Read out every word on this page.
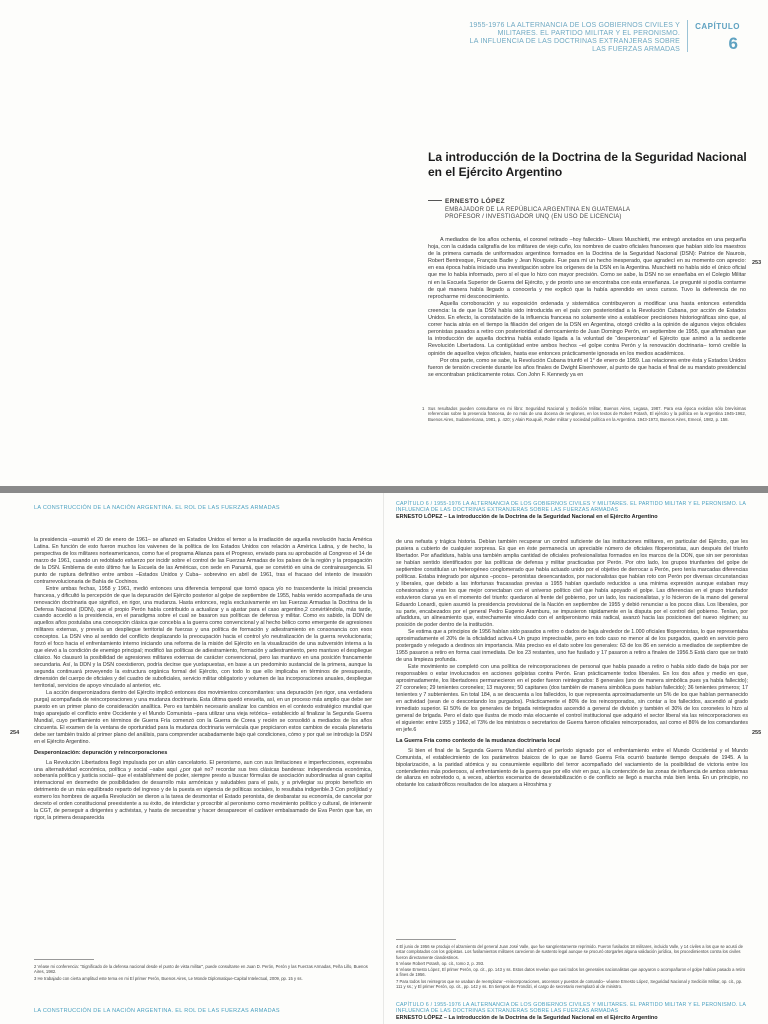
1955-1976 LA ALTERNANCIA DE LOS GOBIERNOS CIVILES Y
MILITARES. EL PARTIDO MILITAR Y EL PERONISMO.
LA INFLUENCIA DE LAS DOCTRINAS EXTRANJERAS SOBRE
LAS FUERZAS ARMADAS
CAPÍTULO
6
La introducción de la Doctrina de la Seguridad Nacional en el Ejército Argentino
ERNESTO LÓPEZ
EMBAJADOR DE LA REPÚBLICA ARGENTINA EN GUATEMALA
PROFESOR / INVESTIGADOR UNQ (EN USO DE LICENCIA)

A mediados de los años ochenta, el coronel retirado –hoy fallecido– Ulises Muschietti, me entregó anotados en una pequeña hoja, con la cuidada caligrafía de los militares de viejo cuño, los nombres de cuatro oficiales franceses que habían sido los maestros de la primera camada de uniformados argentinos formados en la Doctrina de la Seguridad Nacional (DSN): Patrice de Naurois, Robert Bentresque, François Badie y Jean Nougués. Fue para mí un hecho inesperado, que agradecí en su momento con aprecio: en esa época había iniciado una investigación sobre los orígenes de la DSN en la Argentina. Muschietti no había sido el único oficial que me lo había informado, pero sí el que lo hizo con mayor precisión. Como se sabe, la DSN no se enseñaba en el Colegio Militar ni en la Escuela Superior de Guerra del Ejército, y de pronto uno se encontraba con esta enseñanza. Le pregunté si podía contarme de qué manera había llegado a conocerla y me explicó que la había aprendido en unos cursos. Tuvo la deferencia de no reprocharme mi desconocimiento.

Aquella corroboración y su exposición ordenada y sistemática contribuyeron a modificar una hasta entonces extendida creencia: la de que la DSN había sido introducida en el país con posterioridad a la Revolución Cubana, por acción de Estados Unidos. En efecto, la constatación de la influencia francesa no solamente vino a establecer precisiones historiográficas sino que, al correr hacia atrás en el tiempo la filiación del origen de la DSN en Argentina, otorgó crédito a la opinión de algunos viejos oficiales peronistas pasados a retiro con posterioridad al derrocamiento de Juan Domingo Perón, en septiembre de 1955, que afirmaban que la introducción de aquella doctrina había estado ligada a la voluntad de “desperonizar” el Ejército que animó a la sedicente Revolución Libertadora. La contigüidad entre ambos hechos –el golpe contra Perón y la renovación doctrinaria– tornó creíble la opinión de aquellos viejos oficiales, hasta ese entonces prácticamente ignorada en los medios académicos.

Por otra parte, como se sabe, la Revolución Cubana triunfó el 1° de enero de 1959. Las relaciones entre ésta y Estados Unidos fueron de tensión creciente durante los años finales de Dwight Eisenhower, al punto de que hacia el final de su mandato presidencial se encontraban prácticamente rotas. Con John F. Kennedy ya en

253
1 Sus resultados pueden consultarse en mi libro: Seguridad Nacional y Sedición Militar, Buenos Aires, Legasa, 1987. Para esa época existían sólo brevísimas referencias sobre la presencia francesa, de no más de una docena de renglones, en los textos de Robert Potash, El ejército y la política en la Argentina 1945-1962, Buenos Aires, Sudamericana, 1981, p. 420; y Alain Rouquié, Poder militar y sociedad política en la Argentina. 1943-1973, Buenos Aires, Emecé, 1982, p. 158.
LA CONSTRUCCIÓN DE LA NACIÓN ARGENTINA. EL ROL DE LAS FUERZAS ARMADAS
CAPÍTULO 6 / 1955-1976 LA ALTERNANCIA DE LOS GOBIERNOS CIVILES Y MILITARES. EL PARTIDO MILITAR Y EL PERONISMO. LA INFLUENCIA DE LAS DOCTRINAS EXTRANJERAS SOBRE LAS FUERZAS ARMADAS
ERNESTO LÓPEZ – La introducción de la Doctrina de la Seguridad Nacional en el Ejército Argentino

la presidencia –asumió el 20 de enero de 1961– se afianzó en Estados Unidos el temor a la irradiación de aquella revolución hacia América Latina. En función de esto fueron muchos los vaivenes de la política de los Estados Unidos con relación a América Latina, y de hecho, la perspectiva de los militares norteamericanos, como fue el programa Alianza para el Progreso, enviado para su aprobación al Congreso el 14 de marzo de 1961, cuando un redoblado esfuerzo por incidir sobre el control de las Fuerzas Armadas de los países de la región y la propagación de la DSN. Emblema de esto último fue la Escuela de las Américas, con sede en Panamá, que se convirtió en uina de contrainsurgencia. El punto de ruptura definitivo entre ambos –Estados Unidos y Cuba– sobrevino en abril de 1961, tras el fracaso del intento de invasión contrarrevolucionaria de Bahía de Cochinos.

Entre ambas fechas, 1958 y 1961, medió entonces una diferencia temporal que tornó opaca y/o no trascendente la inicial presencia francesa, y dificultó la percepción de que la depuración del Ejército posterior al golpe de septiembre de 1955, había venido acompañada de una renovación doctrinaria que significó, en rigor, una mudanza. Hasta entonces, regía exclusivamente en las Fuerzas Armadas la Doctrina de la Defensa Nacional (DDN), que el propio Perón había contribuido a actualizar y a ajustar para el caso argentino,2 convirtiéndola, más tarde, cuando accedió a la presidencia, en el paradigma sobre el cual se basaron sus políticas de defensa y militar. Como es sabido, la DDN de aquellos años postulaba una concepción clásica que concebía a la guerra como convencional y al hecho bélico como emergente de agresiones militares externas, y preveía un despliegue territorial de fuerzas y una política de formación y adiestramiento en consonancia con esos conceptos. La DSN vino al sentido del conflicto desplazando la preocupación hacia el control y/o neutralización de la guerra revolucionaria; forzó el foco hacia el enfrentamiento interno iniciando una reforma de la misión del Ejército en la visualización de una subversión interna a la que elevó a la condición de enemigo principal; modificó las políticas de adiestramiento, formación y adiestramiento, pero mantuvo el despliegue clásico. No clausuró la posibilidad de agresiones militares externas de carácter convencional, pero las mantuvo en una posición francamente secundaria. Así, la DDN y la DSN coexistieron, podría decirse que yuxtapuestas, en base a un predominio sustancial de la primera, aunque la segunda continuará proveyendo la estructura orgánica formal del Ejército, con todo lo que ello implicaba en términos de presupuesto, dimensión del cuerpo de oficiales y del cuadro de suboficiales, servicio militar obligatorio y volumen de las incorporaciones anuales, despliegue territorial, servicios de apoyo vinculado al anterior, etc.

La acción desperonizadora dentro del Ejército implicó entonces dos movimientos concomitantes: una depuración (en rigor, una verdadera purga) acompañada de reincorporaciones y una mudanza doctrinaria. Esta última quedó envuelta, así, en un proceso más amplio que debe ser puesto en un primer plano de consideración analítica. Pero es también necesario analizar los cambios en el contexto estratégico mundial que trajo aparejado el conflicto entre Occidente y el Mundo Comunista –para utilizar una vieja retórica– establecido al finalizar la Segunda Guerra Mundial, cuyo perfilamiento en términos de Guerra Fría comenzó con la Guerra de Corea y recién se consolidó a mediados de los años cincuenta. El examen de la ventana de oportunidad para la mudanza doctrinaria vernácula que propiciaron estos cambios de escala planetaria debe ser también traído al primer plano del análisis, para comprender acabadamente bajo qué condiciones, cómo y por qué se introdujo la DSN en el Ejército Argentino.

Desperonización: depuración y reincorporaciones

La Revolución Libertadora llegó impulsada por un afán cancelatorio. El peronismo, aun con sus limitaciones e imperfecciones, expresaba una alternatividad económica, política y social –sabe aquí ¿por qué no? recordar sus tres clásicas banderas: independencia económica, soberanía política y justicia social– que el establishment de poder, siempre presto a buscar fórmulas de asociación subordinadas al gran capital internacional en desmedro de posibilidades de desarrollo más armónicas y saludables para el país, y a privilegiar su propio beneficio en detrimento de un más equilibrado reparto del ingreso y de la puesta en vigencia de políticas sociales, lo resultaba indigerible.3 Con prolijidad y esmero los hombres de aquella Revolución se dieron a la tarea de desmontar el Estado peronista, de desbaratar su economía, de cancelar por decreto el orden constitucional preexistente a su éxito, de interdictar y proscribir al peronismo como movimiento político y cultural, de intervenir la CGT, de perseguir a dirigentes y activistas, y hasta de secuestrar y hacer desaparecer el cadáver embalsamado de Eva Perón que fue, en rigor, la primera desaparecida

254
2 Véase mi conferencia: “Significado de la defensa nacional desde el punto de vista militar”, puede consultarse en Juan D. Perón, Perón y las Fuerzas Armadas, Peña Lillo, Buenos Aires, 1982.
3 He trabajado con cierta amplitud este tema en mi El primer Perón, Buenos Aires, Le Monde Diplomatique-Capital Intelectual, 2009, pp. 15 y ss.

de una nefasta y trágica historia. Debían también recuperar un control suficiente de las instituciones militares, en particular del Ejército, que les pusiera a cubierto de cualquier sorpresa. Es que en éste permanecía un apreciable número de oficiales filoperonistas, aun después del triunfo libertador. Por añadidura, había una también amplia cantidad de oficiales profesionalistas formados en los marcos de la DDN, que sin ser peronistas se habían sentido identificados por las políticas de defensa y militar practicadas por Perón. Por otro lado, los grupos triunfantes del golpe de septiembre constituían un heterogéneo conglomerado que había actuado unido por el objetivo de derrocar a Perón, pero tenía marcadas diferencias políticas. Estaba integrado por algunos –pocos– peronistas desencantados, por nacionalistas que habían roto con Perón por diversas circunstancias y liberales, que debido a las infortunas fracasadas previas a 1955 habían quedado reducidos a una mínima expresión aunque estaban muy cohesionados y eran los que mejor conectaban con el universo político civil que había apoyado el golpe. Las diferencias en el grupo triunfador estuvieron claras ya en el momento del triunfo: quedaron al frente del gobierno, por un lado, los nacionalistas, y lo hicieron de la mano del general Eduardo Lonardi, quien asumió la presidencia provisional de la Nación en septiembre de 1955 y debió renunciar a los pocos días. Los liberales, por su parte, encabezados por el general Pedro Eugenio Aramburu, se impusieron rápidamente en la disputa por el control del gobierno. Tenían, por añadidura, un alineamiento que, estrechamente vinculado con el antiperonismo más radical, avanzó hacia las posiciones del nuevo régimen; su posición de poder dentro de la institución.

Se estima que a principios de 1956 habían sido pasados a retiro o dados de baja alrededor de 1.000 oficiales filoperonistas, lo que representaba aproximadamente el 20% de la oficialidad activa.4 Un grupo imprecisable, pero en todo caso no menor al de los purgados, quedó en servicio pero postergado y relegado a destinos sin importancia. Más preciso es el dato sobre los generales: 63 de los 86 en servicio a mediados de septiembre de 1955 pasaron a retiro en forma casi inmediata. De los 23 restantes, uno fue fusilado y 17 pasaron a retiro a finales de 1956.5 Está claro que se trató de una limpieza profunda.

Este movimiento se completó con una política de reincorporaciones de personal que había pasado a retiro o había sido dado de baja por ser responsables o estar involucrados en acciones golpistas contra Perón. Eran prácticamente todos liberales. En los dos años y medio en que, aproximadamente, los libertadores permanecieron en el poder fueron reintegrados: 8 generales (uno de manera simbólica pues ya había fallecido); 27 coroneles; 29 tenientes coroneles; 13 mayores; 50 capitanes (dos también de manera simbólica pues habían fallecido); 36 tenientes primeros; 17 tenientes y 7 subtenientes. En total 184, a se descuenta a los fallecidos, lo que representa aproximadamente un 5% de los que habían permanecido en actividad (sean de o descontando los purgados). Prácticamente el 80% de los reincorporados, sin contar a los fallecidos, ascendió al grado inmediato superior. El 50% de los generales de brigada reintegrados ascendió a general de división y también el 30% de los coroneles lo hizo al general de brigada. Pero el dato que ilustra de modo más elocuente el control institucional que adquirió el sector liberal via las reincorporaciones es el siguiente: entre 1955 y 1962, el 73% de los ministros o secretarios de Guerra fueron oficiales reincorporados, así como el 86% de los comandantes en jefe.6

La Guerra Fría como contexto de la mudanza doctrinaria local

Si bien el final de la Segunda Guerra Mundial alumbró el período signado por el enfrentamiento entre el Mundo Occidental y el Mundo Comunista, el establecimiento de los parámetros básicos de lo que se llamó Guerra Fría ocurrió bastante tiempo después de 1945. A la bipolarización, a la paridad atómica y su consumiente equilibrio del terror acompañado del vaciamiento de la posibilidad de victoria entre los contendientes más poderosos, al enfrentamiento de la guerra que por ello vivir en paz, a la contención de las zonas de influencia de ambos sistemas de alianza en sobretodo o, a veces, abiertos escenarios de desestabilización o de conflicto se llegó a marcha más bien lenta. En un principio, no obstante los catastróficos resultados de los ataques a Hiroshima y

255
4 El junio de 1956 se produjo el alzamiento del general Juan José Valle, que fue sangrientamente reprimido. Fueron fusilados 18 militares, incluido Valle, y 14 civiles a los que se acusó de estar complotados con los golpistas. Los fusilamientos militares carecieron de sustento legal aunque se procuró otorgarles alguna validación jurídica, los procedimientos contra los civiles fueron directamente clandestinos.
5 Véase Robert Potash, op. cit., tomo 2, p. 293.
6 Véase Ernesto López, El primer Perón, op. cit., pp. 143 y ss. Estos datos revelan que casi todos los generales nacionalistas que apoyaron o acompañaron el golpe habían pasado a retiro a fines de 1956.
7 Para todos los reintegros que se usaban de reemplazar –reincorporaciones, ascensos y puestos de comando– véanse Ernesto López, Seguridad Nacional y Sedición Militar, op. cit., pp. 111 y ss.; y El primer Perón, op. cit., pp. 142 y ss. En tiempos de Frondizi, el cargo de secretario reemplazó al de ministro.
LA CONSTRUCCIÓN DE LA NACIÓN ARGENTINA. EL ROL DE LAS FUERZAS ARMADAS
CAPÍTULO 6 / 1955-1976 LA ALTERNANCIA DE LOS GOBIERNOS CIVILES Y MILITARES. EL PARTIDO MILITAR Y EL PERONISMO. LA INFLUENCIA DE LAS DOCTRINAS EXTRANJERAS SOBRE LAS FUERZAS ARMADAS
ERNESTO LÓPEZ – La introducción de la Doctrina de la Seguridad Nacional en el Ejército Argentino
